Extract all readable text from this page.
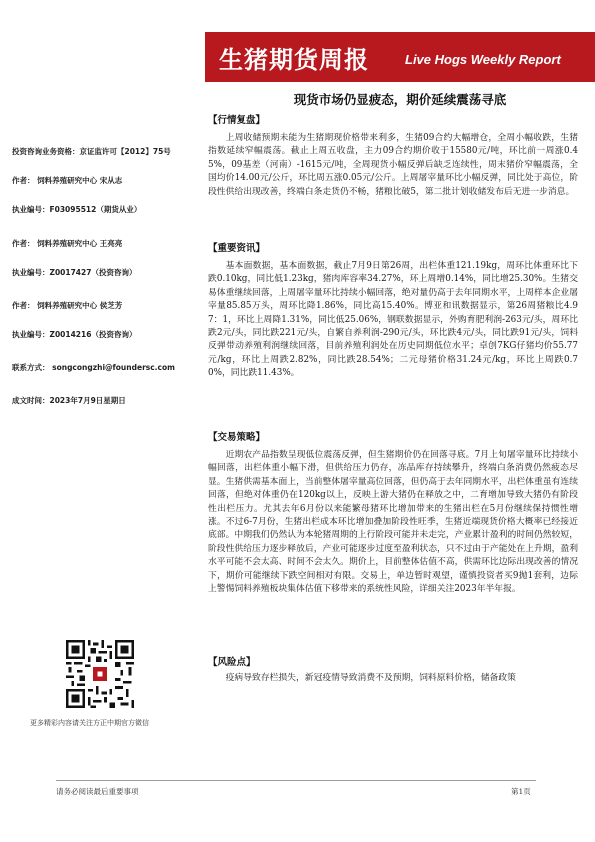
生猪期货周报	Live Hogs Weekly Report
现货市场仍显疲态，期价延续震荡寻底
投资咨询业务资格：京证监许可【2012】75号
作者： 饲料养殖研究中心 宋从志
执业编号：F03095512（期货从业）
作者： 饲料养殖研究中心 王亮亮
执业编号：Z0017427（投资咨询）
作者： 饲料养殖研究中心 侯芝芳
执业编号：Z0014216（投资咨询）
联系方式： songcongzhi@foundersc.com
成文时间：2023年7月9日星期日
【行情复盘】
上周收储预期未能为生猪期现价格带来利多，生猪09合约大幅增仓，全周小幅收跌，生猪指数延续窄幅震荡。截止上周五收盘，主力09合约期价收于15580元/吨，环比前一周涨0.45%，09基差（河南）-1615元/吨，全周现货小幅反弹后缺乏连续性，周末猪价窄幅震荡，全国均价14.00元/公斤，环比周五涨0.05元/公斤。上周屠宰量环比小幅反弹，同比处于高位，阶段性供给出现改善，终端白条走货仍不畅，猪粮比破5，第二批计划收储发布后无进一步消息。
【重要资讯】
基本面数据，基本面数据，截止7月9日第26周，出栏体重121.19kg，周环比体重环比下跌0.10kg，同比低1.23kg，猪肉库容率34.27%，环上周增0.14%，同比增25.30%。生猪交易体重继续回落，上周屠宰量环比持续小幅回落，绝对量仍高于去年同期水平，上周样本企业屠宰量85.85万头，周环比降1.86%，同比高15.40%。博亚和讯数据显示，第26周猪粮比4.97：1，环比上周降1.31%，同比低25.06%，钢联数据显示，外购育肥利润-263元/头，周环比跌2元/头，同比跌221元/头，自繁自养利润-290元/头，环比跌4元/头，同比跌91元/头，饲料反弹带动养殖利润继续回落，目前养殖利润处在历史同期低位水平；卓创7KG仔猪均价55.77元/kg，环比上周跌2.82%，同比跌28.54%；二元母猪价格31.24元/kg，环比上周跌0.70%，同比跌11.43%。
【交易策略】
近期农产品指数呈现低位震荡反弹，但生猪期价仍在回落寻底。7月上旬屠宰量环比持续小幅回落，出栏体重小幅下滑，但供给压力仍存，冻品库存持续攀升，终端白条消费仍然疲态尽显。生猪供需基本面上，当前整体屠宰量高位回落，但仍高于去年同期水平，出栏体重虽有连续回落，但绝对体重仍在120kg以上，反映上游大猪仍在释放之中，二育增加导致大猪仍有阶段性出栏压力。尤其去年6月份以来能繁母猪环比增加带来的生猪出栏在5月份继续保持惯性增涨。不过6-7月份，生猪出栏成本环比增加叠加阶段性旺季，生猪近端现货价格大概率已经接近底部。中期我们仍然认为本轮猪周期的上行阶段可能并未走完，产业累计盈利的时间仍然较短，阶段性供给压力逐步释放后，产业可能逐步过度至盈利状态，只不过由于产能处在上升期，盈利水平可能不会太高、时间不会太久。期价上，目前整体估值不高，供需环比边际出现改善的情况下，期价可能继续下跌空间相对有限。交易上，单边暂时观望，谨慎投资者买9抛1套利，边际上警惕饲料养殖板块集体估值下移带来的系统性风险，详细关注2023年半年报。
【风险点】
疫病导致存栏损失，新冠疫情导致消费不及预期，饲料原料价格，储备政策
更多精彩内容请关注方正中期官方微信
请务必阅读最后重要事项	第1页
